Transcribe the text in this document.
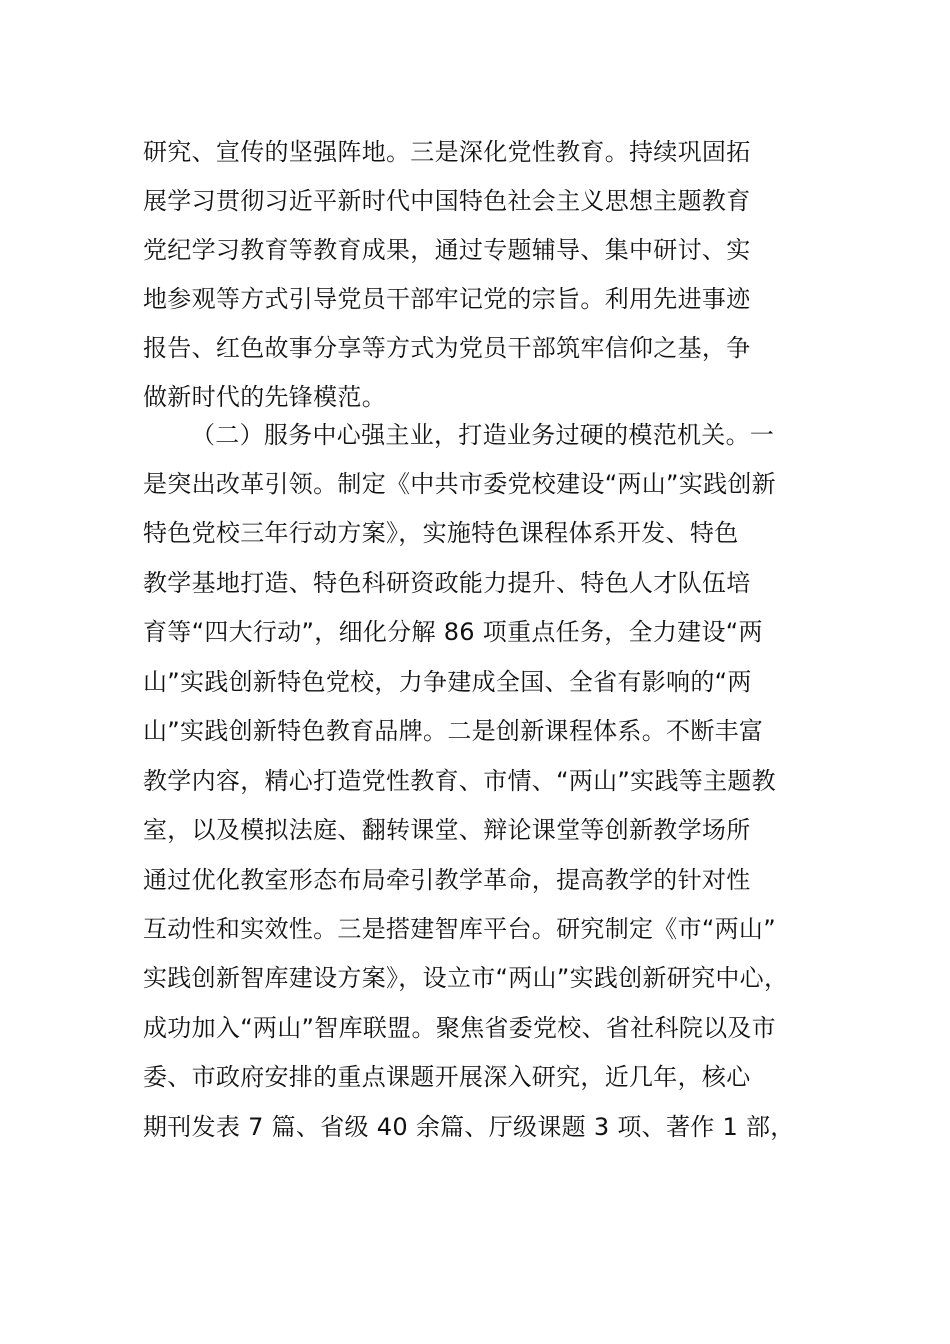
研究、宣传的坚强阵地。三是深化党性教育。持续巩固拓
展学习贯彻习近平新时代中国特色社会主义思想主题教育
党纪学习教育等教育成果，通过专题辅导、集中研讨、实
地参观等方式引导党员干部牢记党的宗旨。利用先进事迹
报告、红色故事分享等方式为党员干部筑牢信仰之基，争
做新时代的先锋模范。
（二）服务中心强主业，打造业务过硬的模范机关。一
是突出改革引领。制定《中共市委党校建设“两山”实践创新
特色党校三年行动方案》，实施特色课程体系开发、特色
教学基地打造、特色科研资政能力提升、特色人才队伍培
育等“四大行动”，细化分解 86 项重点任务，全力建设“两
山”实践创新特色党校，力争建成全国、全省有影响的“两
山”实践创新特色教育品牌。二是创新课程体系。不断丰富
教学内容，精心打造党性教育、市情、“两山”实践等主题教
室，以及模拟法庭、翻转课堂、辩论课堂等创新教学场所
通过优化教室形态布局牵引教学革命，提高教学的针对性
互动性和实效性。三是搭建智库平台。研究制定《市“两山”
实践创新智库建设方案》，设立市“两山”实践创新研究中心，
成功加入“两山”智库联盟。聚焦省委党校、省社科院以及市
委、市政府安排的重点课题开展深入研究，近几年，核心
期刊发表 7 篇、省级 40 余篇、厅级课题 3 项、著作 1 部，
